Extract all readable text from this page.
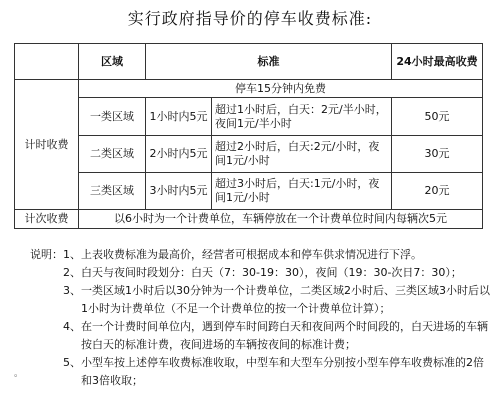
实行政府指导价的停车收费标准:
	区域	标准		24小时最高收费
计时收费	停车15分钟内免费			
	一类区域	1小时内5元	超过1小时后，白天：2元/半小时，夜间1元/半小时	50元
	二类区域	2小时内5元	超过2小时后，白天:2元/小时，夜间1元/小时	30元
	三类区域	3小时内5元	超过3小时后，白天:1元/小时，夜间1元/小时	20元
计次收费	以6小时为一个计费单位，车辆停放在一个计费单位时间内每辆次5元			
说明： 1、 上表收费标准为最高价，经营者可根据成本和停车供求情况进行下浮。
2、 白天与夜间时段划分：白天（7：30-19：30），夜间（19：30-次日7：30）；
3、 一类区域1小时后以30分钟为一个计费单位，二类区域2小时后、三类区域3小时后以1小时为计费单位（不足一个计费单位的按一个计费单位计算）；
4、 在一个计费时间单位内，遇到停车时间跨白天和夜间两个时间段的，白天进场的车辆按白天的标准计费，夜间进场的车辆按夜间的标准计费；
5、 小型车按上述停车收费标准收取，中型车和大型车分别按小型车停车收费标准的2倍和3倍收取；
。
